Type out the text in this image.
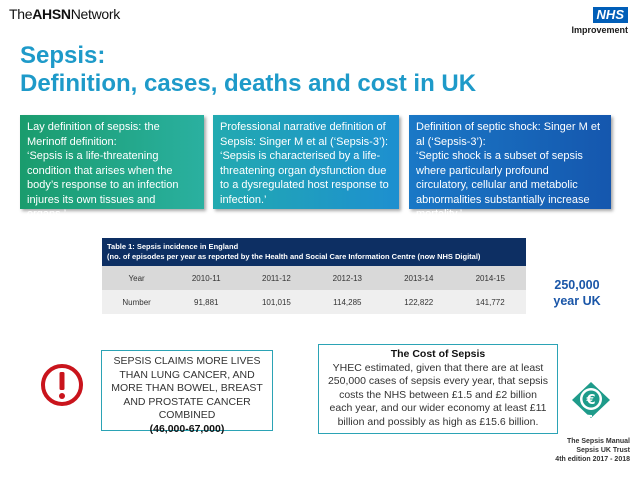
TheAHSNNetwork	NHS
Improvement
Sepsis:
Definition, cases, deaths and cost in UK
Lay definition of sepsis: the Merinoff definition:
‘Sepsis is a life-threatening condition that arises when the body’s response to an infection injures its own tissues and organs.’
Professional narrative definition of Sepsis: Singer M et al (‘Sepsis-3’):
‘Sepsis is characterised by a life-threatening organ dysfunction due to a dysregulated host response to infection.’
Definition of septic shock: Singer M et al (‘Sepsis-3’):
‘Septic shock is a subset of sepsis where particularly profound circulatory, cellular and metabolic abnormalities substantially increase mortality.’
Table 1: Sepsis incidence in England
(no. of episodes per year as reported by the Health and Social Care Information Centre (now NHS Digital)
Year	2010-11	2011-12	2012-13	2013-14	2014-15
Number	91,881	101,015	114,285	122,822	141,772
250,000
year UK
SEPSIS CLAIMS MORE LIVES THAN LUNG CANCER, AND MORE THAN BOWEL, BREAST AND PROSTATE CANCER COMBINED
(46,000-67,000)
The Cost of Sepsis
YHEC estimated, given that there are at least 250,000 cases of sepsis every year, that sepsis costs the NHS between £1.5 and £2 billion each year, and our wider economy at least £11 billion and possibly as high as £15.6 billion.
€
The Sepsis Manual
Sepsis UK Trust
4th edition 2017 - 2018
